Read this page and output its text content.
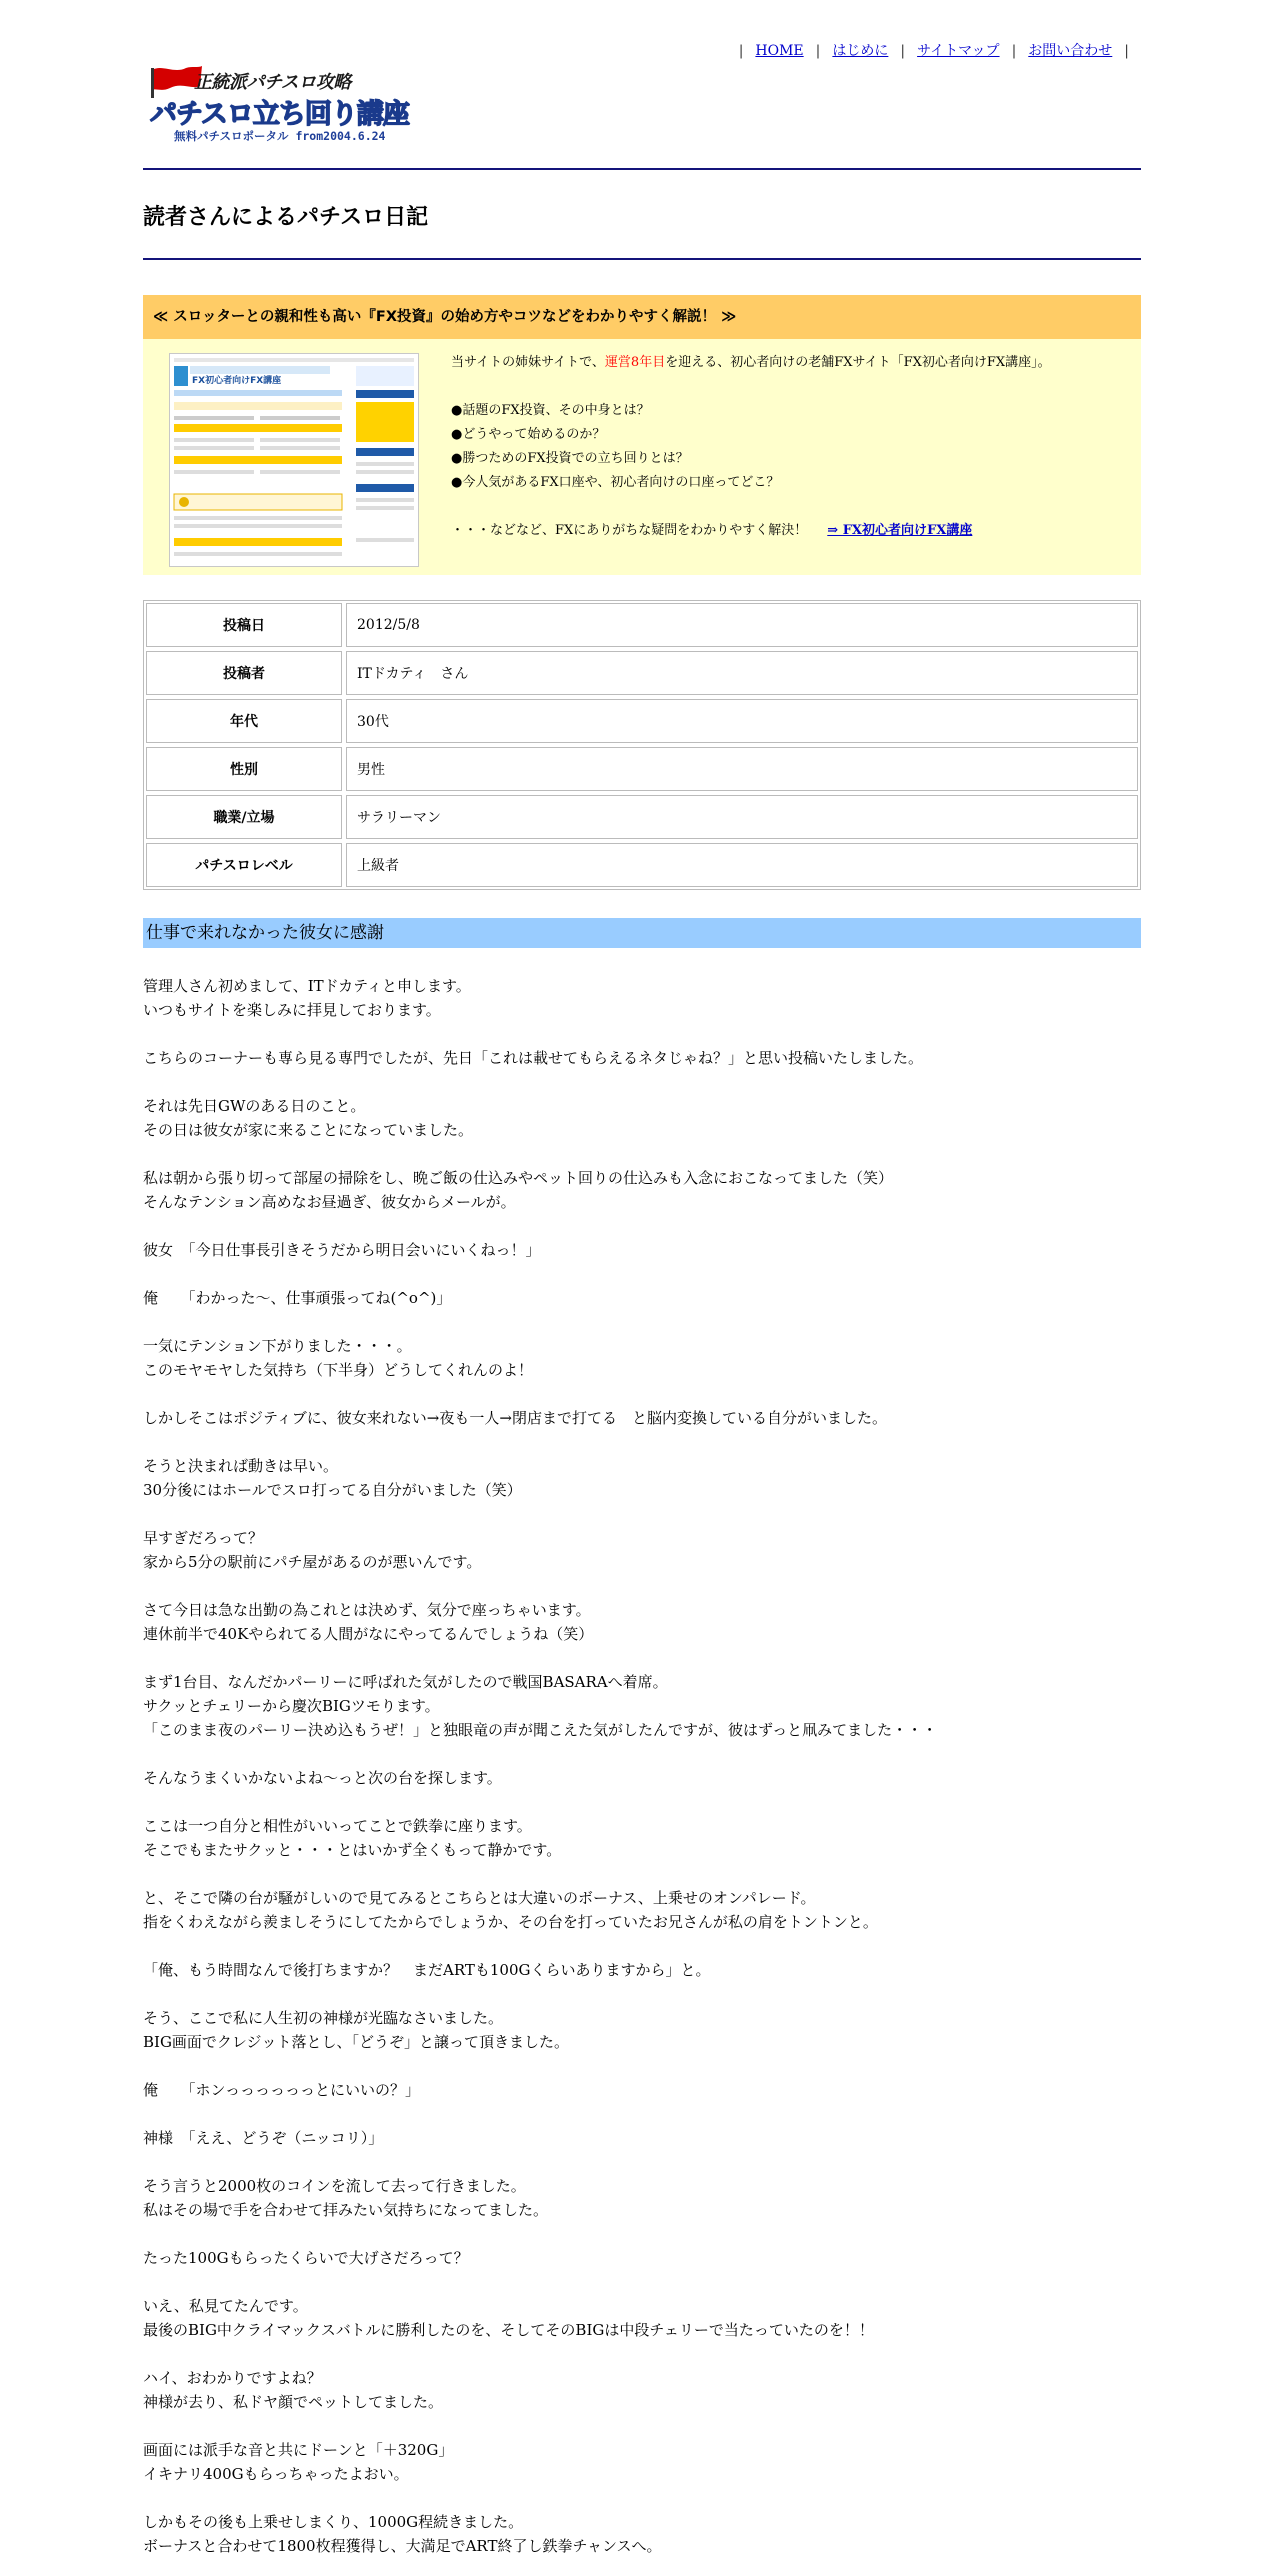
| HOME | はじめに | サイトマップ | お問い合わせ |
正統派パチスロ攻略
パチスロ立ち回り講座
無料パチスロポータル from2004.6.24
読者さんによるパチスロ日記
≪ スロッターとの親和性も高い『FX投資』の始め方やコツなどをわかりやすく解説！ ≫
FX初心者向けFX講座
当サイトの姉妹サイトで、運営8年目を迎える、初心者向けの老舗FXサイト「FX初心者向けFX講座」。
●話題のFX投資、その中身とは？
●どうやって始めるのか？
●勝つためのFX投資での立ち回りとは？
●今人気があるFX口座や、初心者向けの口座ってどこ？
・・・などなど、FXにありがちな疑問をわかりやすく解決！ ⇒ FX初心者向けFX講座
投稿日	2012/5/8
投稿者	ITドカティ　さん
年代	30代
性別	男性
職業/立場	サラリーマン
パチスロレベル	上級者
仕事で来れなかった彼女に感謝
管理人さん初めまして、ITドカティと申します。
いつもサイトを楽しみに拝見しております。
こちらのコーナーも専ら見る専門でしたが、先日「これは載せてもらえるネタじゃね？」と思い投稿いたしました。
それは先日GWのある日のこと。
その日は彼女が家に来ることになっていました。
私は朝から張り切って部屋の掃除をし、晩ご飯の仕込みやペット回りの仕込みも入念におこなってました（笑）
そんなテンション高めなお昼過ぎ、彼女からメールが。
彼女　「今日仕事長引きそうだから明日会いにいくねっ！」
俺　　「わかった～、仕事頑張ってね(^o^)」
一気にテンション下がりました・・・。
このモヤモヤした気持ち（下半身）どうしてくれんのよ！
しかしそこはポジティブに、彼女来れない→夜も一人→閉店まで打てる　と脳内変換している自分がいました。
そうと決まれば動きは早い。
30分後にはホールでスロ打ってる自分がいました（笑）
早すぎだろって？
家から5分の駅前にパチ屋があるのが悪いんです。
さて今日は急な出勤の為これとは決めず、気分で座っちゃいます。
連休前半で40Kやられてる人間がなにやってるんでしょうね（笑）
まず1台目、なんだかパーリーに呼ばれた気がしたので戦国BASARAへ着席。
サクッとチェリーから慶次BIGツモります。
「このまま夜のパーリー決め込もうぜ！」と独眼竜の声が聞こえた気がしたんですが、彼はずっと凧みてました・・・
そんなうまくいかないよね～っと次の台を探します。
ここは一つ自分と相性がいいってことで鉄拳に座ります。
そこでもまたサクッと・・・とはいかず全くもって静かです。
と、そこで隣の台が騒がしいので見てみるとこちらとは大違いのボーナス、上乗せのオンパレード。
指をくわえながら羨ましそうにしてたからでしょうか、その台を打っていたお兄さんが私の肩をトントンと。
「俺、もう時間なんで後打ちますか？　まだARTも100Gくらいありますから」と。
そう、ここで私に人生初の神様が光臨なさいました。
BIG画面でクレジット落とし、「どうぞ」と譲って頂きました。
俺　　「ホンっっっっっっとにいいの？」
神様　「ええ、どうぞ（ニッコリ）」
そう言うと2000枚のコインを流して去って行きました。
私はその場で手を合わせて拝みたい気持ちになってました。
たった100Gもらったくらいで大げさだろって？
いえ、私見てたんです。
最後のBIG中クライマックスバトルに勝利したのを、そしてそのBIGは中段チェリーで当たっていたのを！！
ハイ、おわかりですよね？
神様が去り、私ドヤ顔でペットしてました。
画面には派手な音と共にドーンと「＋320G」
イキナリ400Gもらっちゃったよおい。
しかもその後も上乗せしまくり、1000G程続きました。
ボーナスと合わせて1800枚程獲得し、大満足でART終了し鉄拳チャンスへ。
